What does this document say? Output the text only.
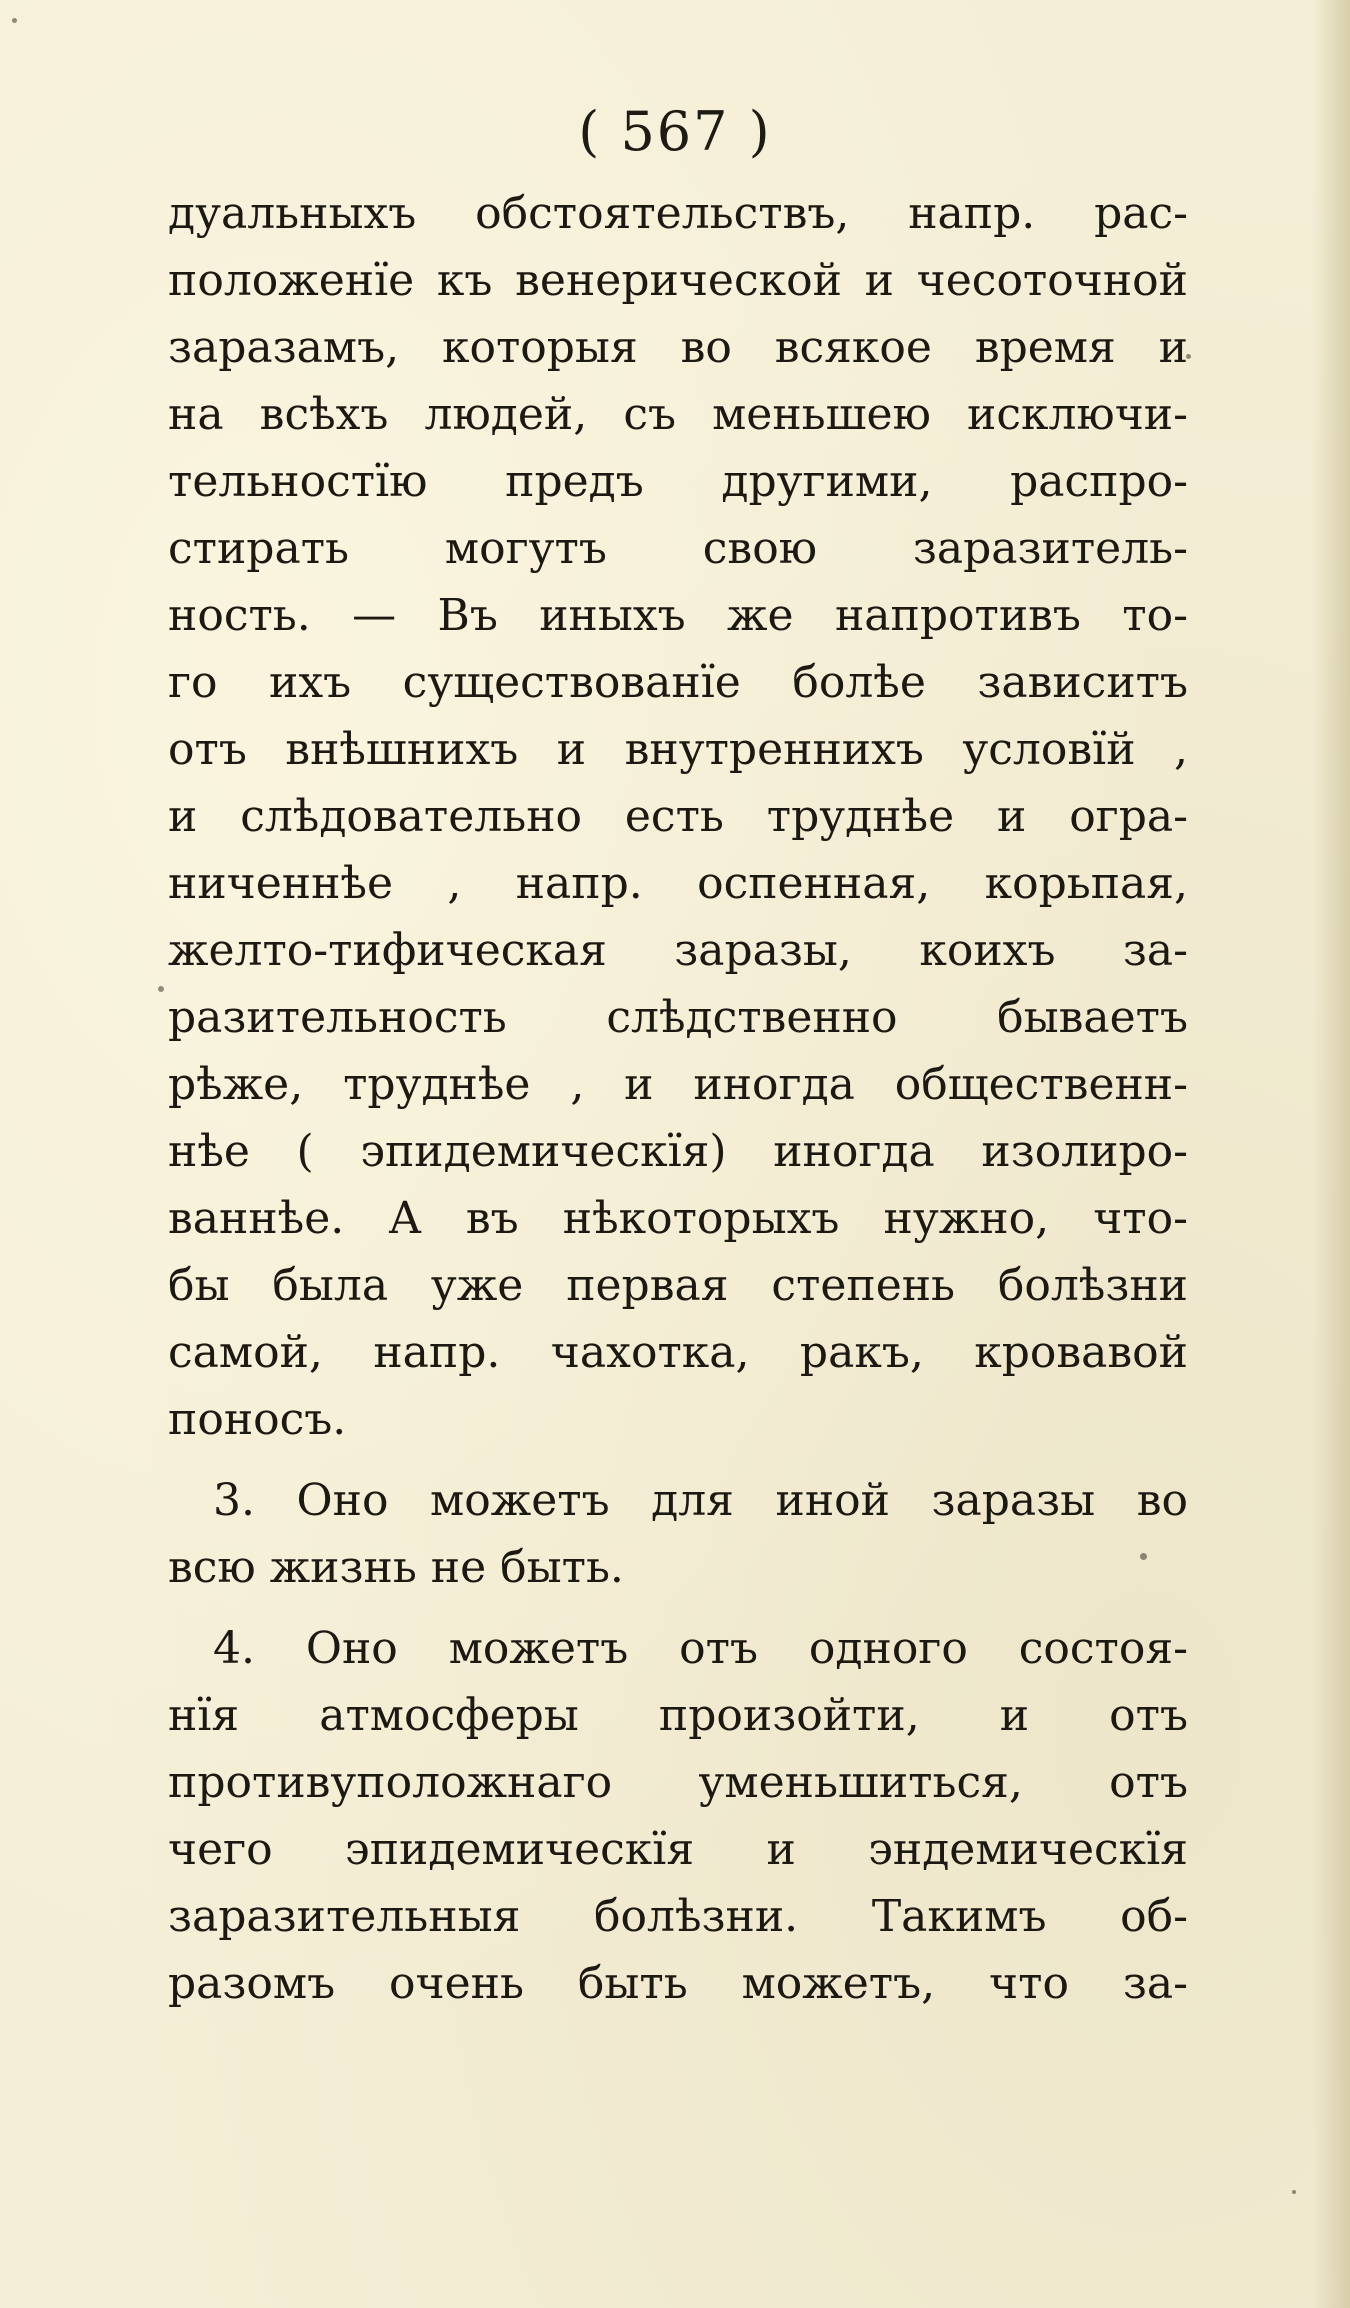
( 567 )
дуальныхъ обстоятельствъ, напр. рас-
положенïе къ венерической и чесоточной
заразамъ, которыя во всякое время и
на всѣхъ людей, съ меньшею исключи-
тельностïю предъ другими, распро-
стирать могутъ свою заразитель-
ность. — Въ иныхъ же напротивъ то-
го ихъ существованïе болѣе зависитъ
отъ внѣшнихъ и внутреннихъ условïй ,
и слѣдовательно есть труднѣе и огра-
ниченнѣе , напр. оспенная, корьпая,
желто-тифическая заразы, коихъ за-
разительность слѣдственно бываетъ
рѣже, труднѣе , и иногда общественн-
нѣе ( эпидемическïя) иногда изолиро-
ваннѣе. А въ нѣкоторыхъ нужно, что-
бы была уже первая степень болѣзни
самой, напр. чахотка, ракъ, кровавой
поносъ.
3. Оно можетъ для иной заразы во
всю жизнь не быть.
4. Оно можетъ отъ одного состоя-
нïя атмосферы произойти, и отъ
противуположнаго уменьшиться, отъ
чего эпидемическïя и эндемическïя
заразительныя болѣзни. Такимъ об-
разомъ очень быть можетъ, что за-
